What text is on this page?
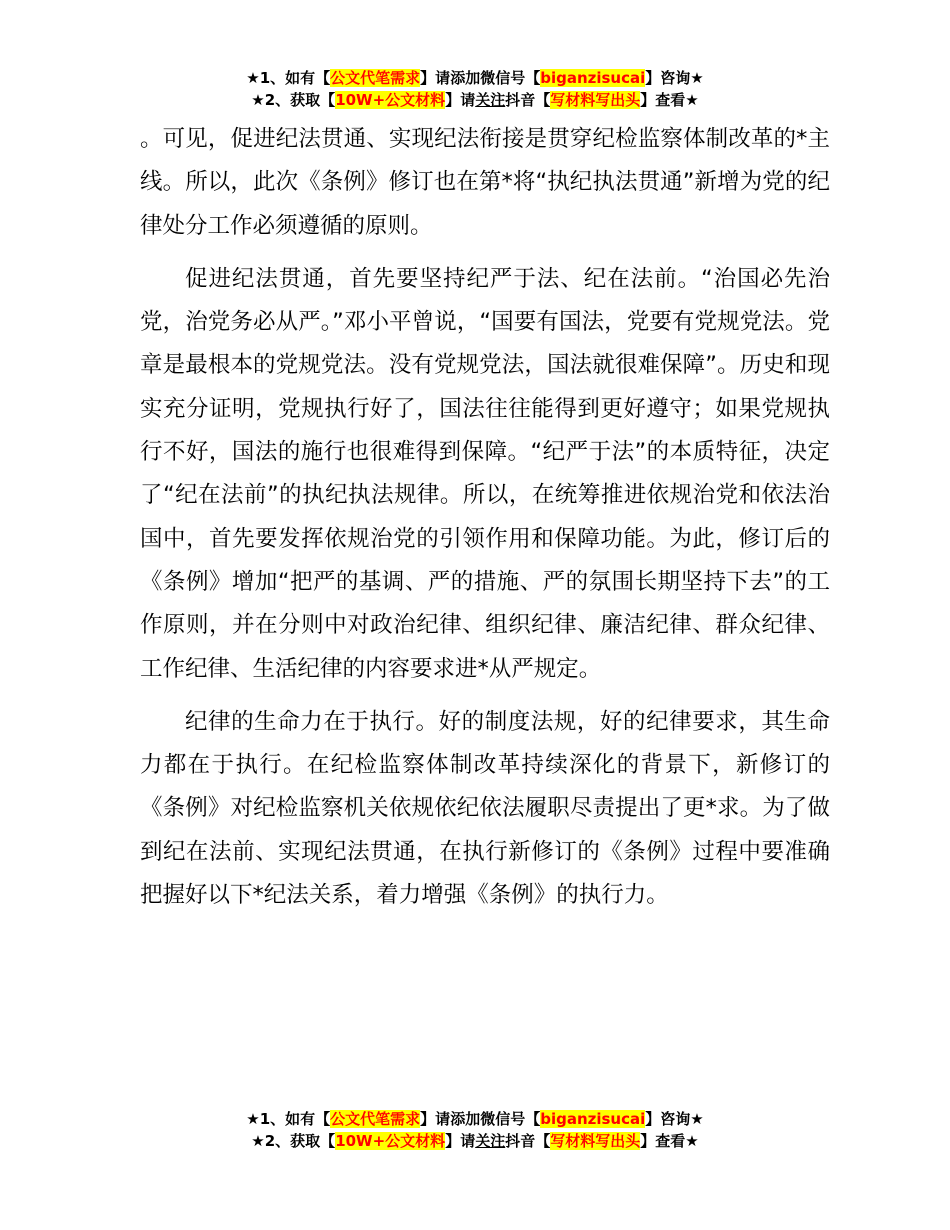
★1、如有【公文代笔需求】请添加微信号【biganzisucai】咨询★
★2、获取【10W+公文材料】请关注抖音【写材料写出头】查看★

。可见，促进纪法贯通、实现纪法衔接是贯穿纪检监察体制改革的*主线。所以，此次《条例》修订也在第*将“执纪执法贯通”新增为党的纪律处分工作必须遵循的原则。

促进纪法贯通，首先要坚持纪严于法、纪在法前。“治国必先治党，治党务必从严。”邓小平曾说，“国要有国法，党要有党规党法。党章是最根本的党规党法。没有党规党法，国法就很难保障”。历史和现实充分证明，党规执行好了，国法往往能得到更好遵守；如果党规执行不好，国法的施行也很难得到保障。“纪严于法”的本质特征，决定了“纪在法前”的执纪执法规律。所以，在统筹推进依规治党和依法治国中，首先要发挥依规治党的引领作用和保障功能。为此，修订后的《条例》增加“把严的基调、严的措施、严的氛围长期坚持下去”的工作原则，并在分则中对政治纪律、组织纪律、廉洁纪律、群众纪律、工作纪律、生活纪律的内容要求进*从严规定。

纪律的生命力在于执行。好的制度法规，好的纪律要求，其生命力都在于执行。在纪检监察体制改革持续深化的背景下，新修订的《条例》对纪检监察机关依规依纪依法履职尽责提出了更*求。为了做到纪在法前、实现纪法贯通，在执行新修订的《条例》过程中要准确把握好以下*纪法关系，着力增强《条例》的执行力。

★1、如有【公文代笔需求】请添加微信号【biganzisucai】咨询★
★2、获取【10W+公文材料】请关注抖音【写材料写出头】查看★
